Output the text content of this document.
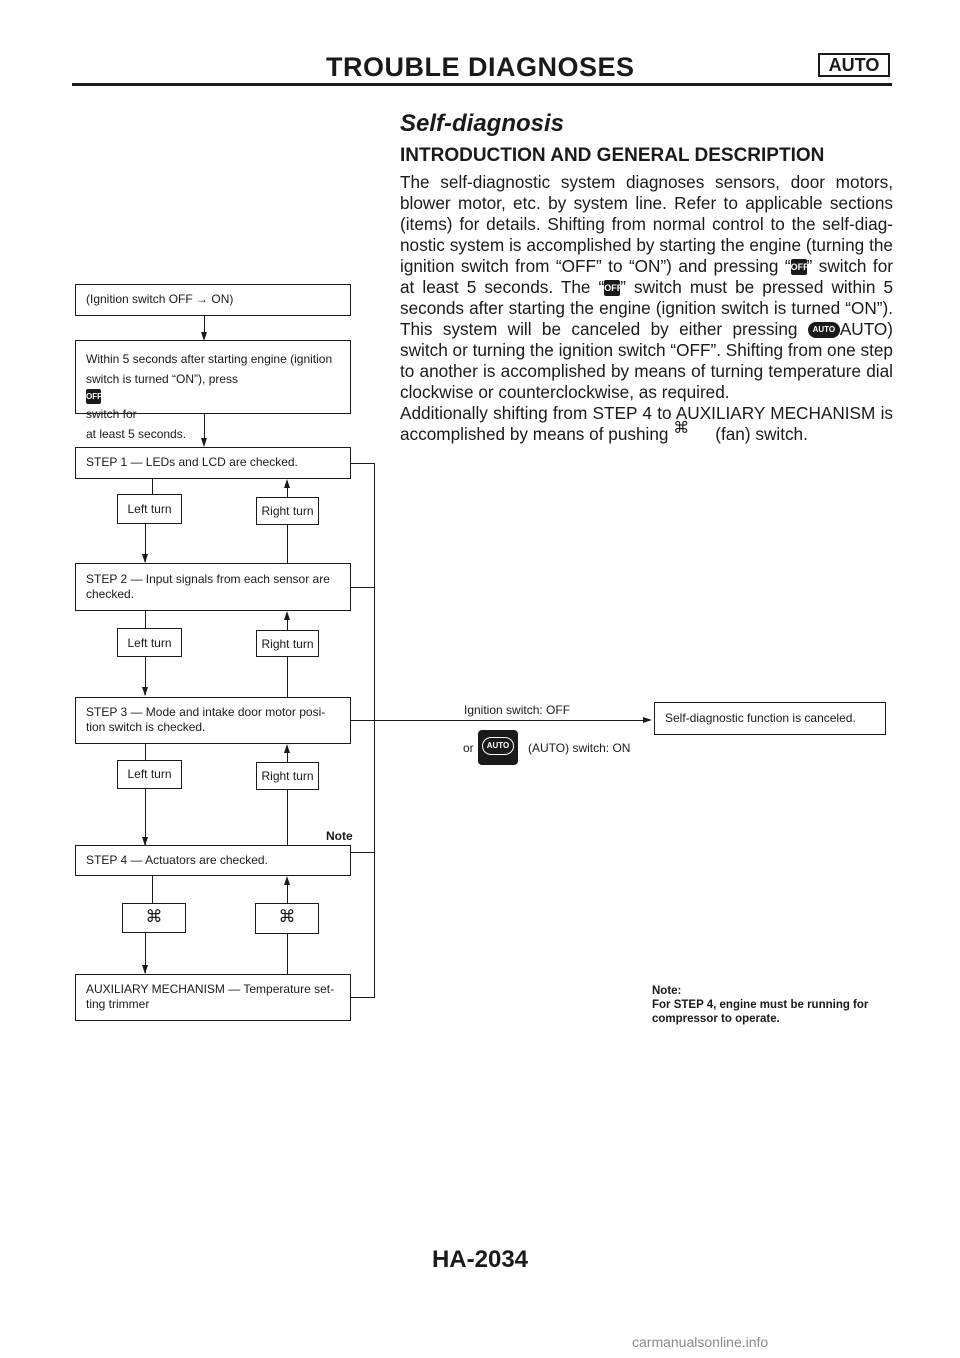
TROUBLE DIAGNOSES	AUTO
Self-diagnosis
INTRODUCTION AND GENERAL DESCRIPTION

The self-diagnostic system diagnoses sensors, door motors, blower motor, etc. by system line. Refer to applicable sections (items) for details. Shifting from normal control to the self-diag- nostic system is accomplished by starting the engine (turning the ignition switch from “OFF” to “ON”) and pressing “OFF” switch for at least 5 seconds. The “OFF” switch must be pressed within 5 seconds after starting the engine (ignition switch is turned “ON”). This system will be canceled by either pressing AUTO AUTO) switch or turning the ignition switch “OFF”. Shifting from one step to another is accomplished by means of turning temperature dial clockwise or counterclockwise, as required.

Additionally shifting from STEP 4 to AUXILIARY MECHANISM is accomplished by means of pushing ⌘ (fan) switch.

(Ignition switch OFF → ON)
Within 5 seconds after starting engine (ignition
switch is turned “ON”), press
OFF
switch for
at least 5 seconds.
STEP 1 — LEDs and LCD are checked.
Left turn	Right turn
STEP 2 — Input signals from each sensor are
checked.
Left turn	Right turn
STEP 3 — Mode and intake door motor posi-
tion switch is checked.
Left turn	Right turn
Note
STEP 4 — Actuators are checked.
⌘	⌘
AUXILIARY MECHANISM — Temperature set-
ting trimmer
Ignition switch: OFF
or	AUTO	(AUTO) switch: ON
Self-diagnostic function is canceled.
Note:
For STEP 4, engine must be running for
compressor to operate.
HA-2034
carmanualsonline.info
